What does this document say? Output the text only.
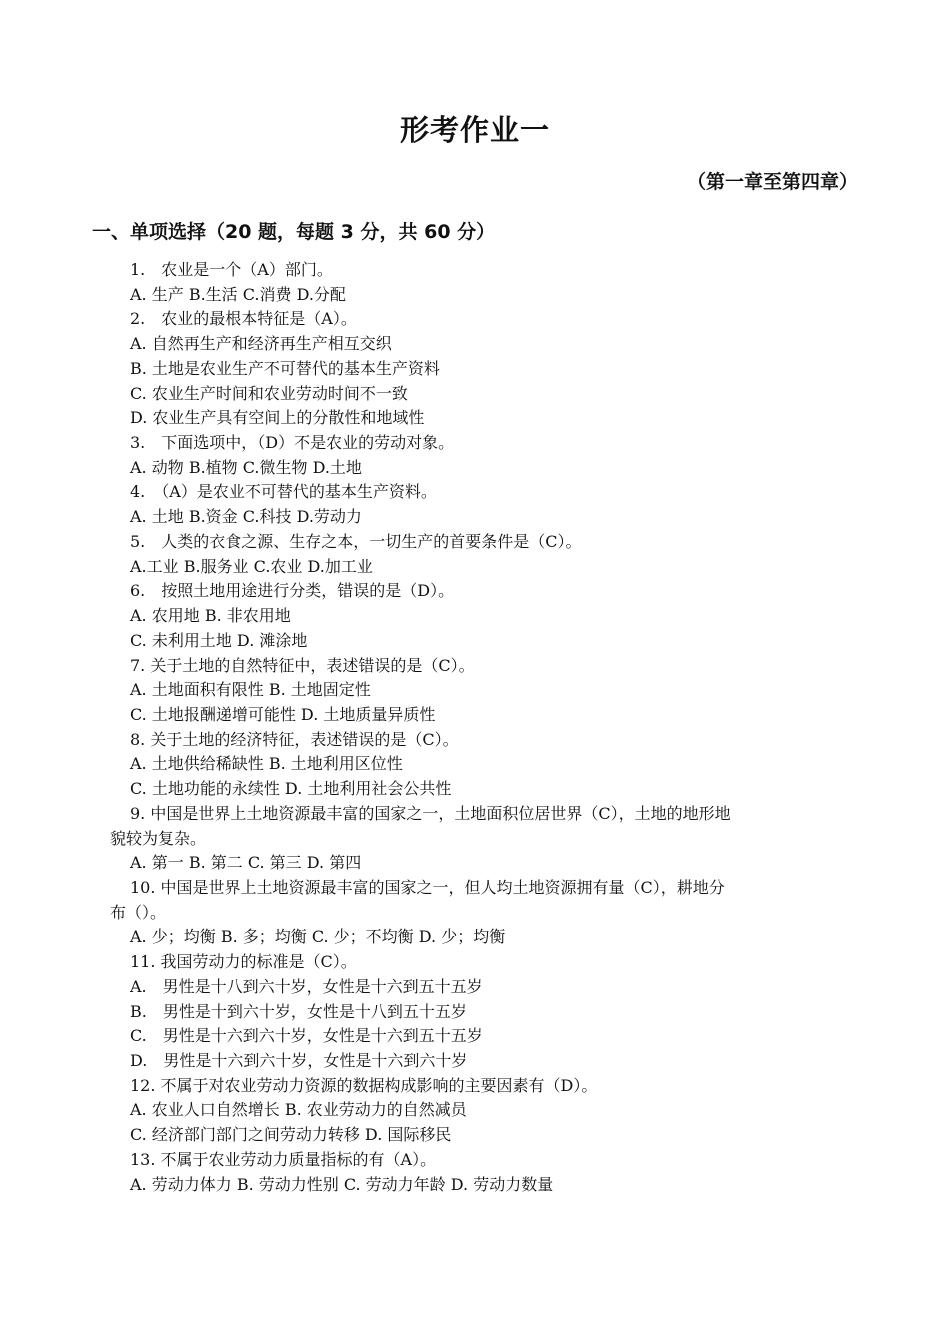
形考作业一
（第一章至第四章）
一、单项选择（20 题，每题 3 分，共 60 分）
1.　农业是一个（A）部门。
A. 生产 B.生活 C.消费 D.分配
2.　农业的最根本特征是（A）。
A. 自然再生产和经济再生产相互交织
B. 土地是农业生产不可替代的基本生产资料
C. 农业生产时间和农业劳动时间不一致
D. 农业生产具有空间上的分散性和地域性
3.　下面选项中，（D）不是农业的劳动对象。
A. 动物 B.植物 C.微生物 D.土地
4.　（A）是农业不可替代的基本生产资料。
A. 土地 B.资金 C.科技 D.劳动力
5.　人类的衣食之源、生存之本，一切生产的首要条件是（C）。
A.工业 B.服务业 C.农业 D.加工业
6.　按照土地用途进行分类，错误的是（D）。
A. 农用地 B. 非农用地
C. 未利用土地 D. 滩涂地
7. 关于土地的自然特征中，表述错误的是（C）。
A. 土地面积有限性 B. 土地固定性
C. 土地报酬递增可能性 D. 土地质量异质性
8. 关于土地的经济特征，表述错误的是（C）。
A. 土地供给稀缺性 B. 土地利用区位性
C. 土地功能的永续性 D. 土地利用社会公共性
9. 中国是世界上土地资源最丰富的国家之一，土地面积位居世界（C），土地的地形地
貌较为复杂。
A. 第一 B. 第二 C. 第三 D. 第四
10. 中国是世界上土地资源最丰富的国家之一，但人均土地资源拥有量（C），耕地分
布（）。
A. 少；均衡 B. 多；均衡 C. 少；不均衡 D. 少；均衡
11. 我国劳动力的标准是（C）。
A.　男性是十八到六十岁，女性是十六到五十五岁
B.　男性是十到六十岁，女性是十八到五十五岁
C.　男性是十六到六十岁，女性是十六到五十五岁
D.　男性是十六到六十岁，女性是十六到六十岁
12. 不属于对农业劳动力资源的数据构成影响的主要因素有（D）。
A. 农业人口自然增长 B. 农业劳动力的自然减员
C. 经济部门部门之间劳动力转移 D. 国际移民
13. 不属于农业劳动力质量指标的有（A）。
A. 劳动力体力 B. 劳动力性别 C. 劳动力年龄 D. 劳动力数量
